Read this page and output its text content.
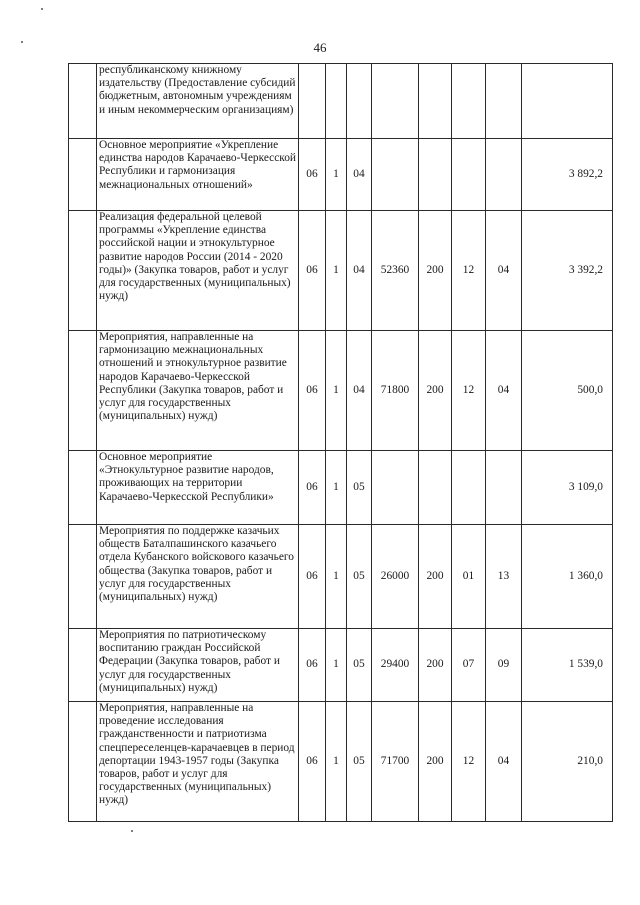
46
	республиканскому книжному издательству (Предоставление субсидий бюджетным, автономным учреждениям и иным некоммерческим организациям)								
	Основное мероприятие «Укрепление единства народов Карачаево-Черкесской Республики и гармонизация межнациональных отношений»	06	1	04					3 892,2
	Реализация федеральной целевой программы «Укрепление единства российской нации и этнокультурное развитие народов России (2014 - 2020 годы)» (Закупка товаров, работ и услуг для государственных (муниципальных) нужд)	06	1	04	52360	200	12	04	3 392,2
	Мероприятия, направленные на гармонизацию межнациональных отношений и этнокультурное развитие народов Карачаево-Черкесской Республики (Закупка товаров, работ и услуг для государственных (муниципальных) нужд)	06	1	04	71800	200	12	04	500,0
	Основное мероприятие «Этнокультурное развитие народов, проживающих на территории Карачаево-Черкесской Республики»	06	1	05					3 109,0
	Мероприятия по поддержке казачьих обществ Баталпашинского казачьего отдела Кубанского войскового казачьего общества (Закупка товаров, работ и услуг для государственных (муниципальных) нужд)	06	1	05	26000	200	01	13	1 360,0
	Мероприятия по патриотическому воспитанию граждан Российской Федерации (Закупка товаров, работ и услуг для государственных (муниципальных) нужд)	06	1	05	29400	200	07	09	1 539,0
	Мероприятия, направленные на проведение исследования гражданственности и патриотизма спецпереселенцев-карачаевцев в период депортации 1943-1957 годы (Закупка товаров, работ и услуг для государственных (муниципальных) нужд)	06	1	05	71700	200	12	04	210,0
